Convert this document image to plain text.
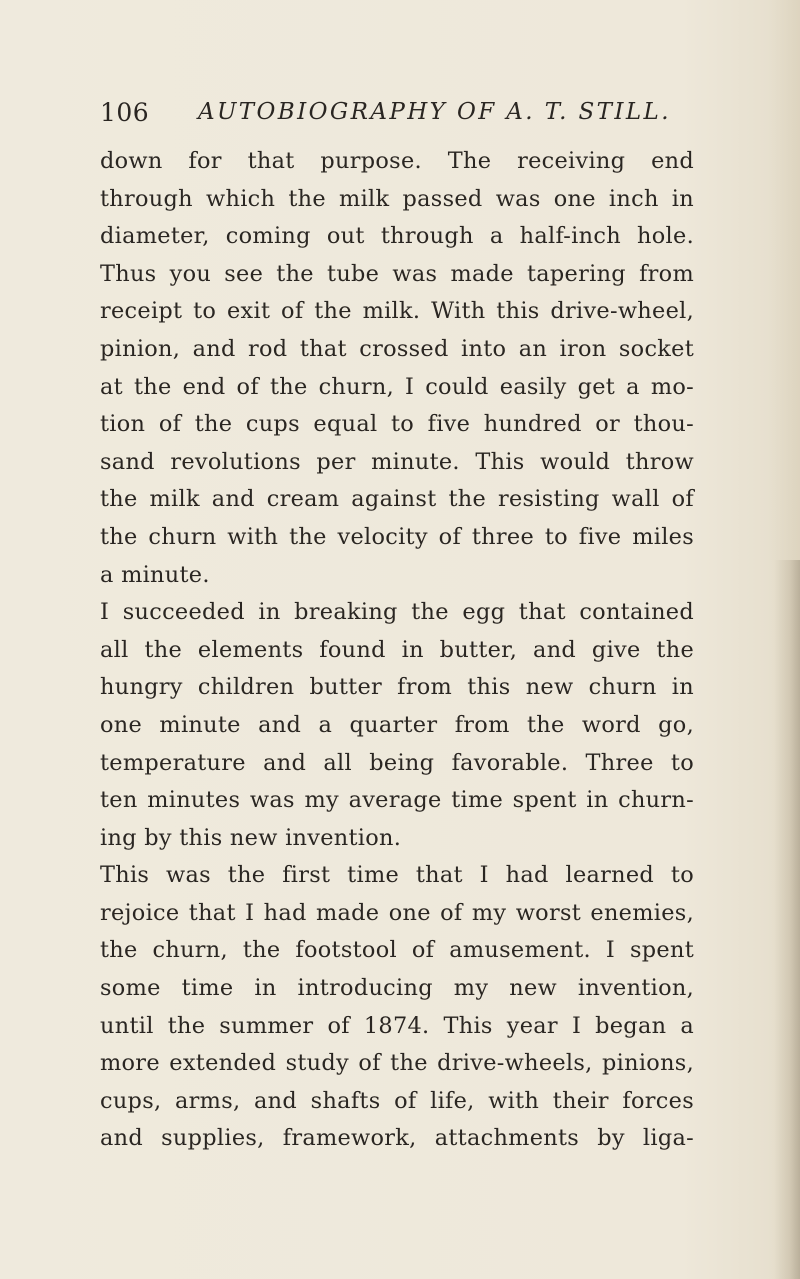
106 AUTOBIOGRAPHY OF A. T. STILL.
down for that purpose. The receiving end
through which the milk passed was one inch in
diameter, coming out through a half-inch hole.
Thus you see the tube was made tapering from
receipt to exit of the milk. With this drive-wheel,
pinion, and rod that crossed into an iron socket
at the end of the churn, I could easily get a mo-
tion of the cups equal to five hundred or thou-
sand revolutions per minute. This would throw
the milk and cream against the resisting wall of
the churn with the velocity of three to five miles
a minute.
I succeeded in breaking the egg that contained
all the elements found in butter, and give the
hungry children butter from this new churn in
one minute and a quarter from the word go,
temperature and all being favorable. Three to
ten minutes was my average time spent in churn-
ing by this new invention.
This was the first time that I had learned to
rejoice that I had made one of my worst enemies,
the churn, the footstool of amusement. I spent
some time in introducing my new invention,
until the summer of 1874. This year I began a
more extended study of the drive-wheels, pinions,
cups, arms, and shafts of life, with their forces
and supplies, framework, attachments by liga-
